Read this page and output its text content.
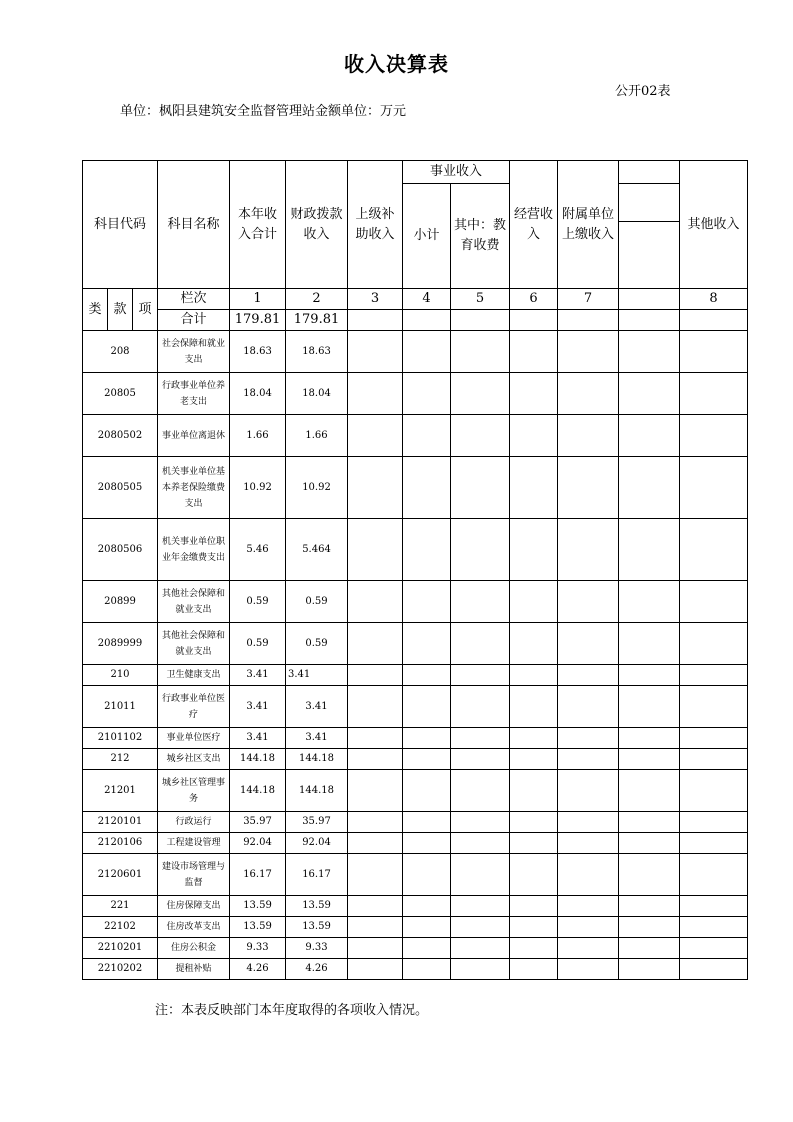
收入决算表
公开02表
单位：枫阳县建筑安全监督管理站金额单位：万元
科目代码			科目名称	本年收入合计	财政拨款收入	上级补助收入	事业收入		经营收入	附属单位上缴收入		其他收入
							小计	其中：教育收费				

类	款	项	栏次	1	2	3	4	5	6	7		8
			合计	179.81	179.81							
208			社会保障和就业支出	18.63	18.63							
20805			行政事业单位养老支出	18.04	18.04							
2080502			事业单位离退休	1.66	1.66							
2080505			机关事业单位基本养老保险缴费支出	10.92	10.92							
2080506			机关事业单位职业年金缴费支出	5.46	5.464							
20899			其他社会保障和就业支出	0.59	0.59							
2089999			其他社会保障和就业支出	0.59	0.59							
210			卫生健康支出	3.41	3.41							
21011			行政事业单位医疗	3.41	3.41							
2101102			事业单位医疗	3.41	3.41							
212			城乡社区支出	144.18	144.18							
21201			城乡社区管理事务	144.18	144.18							
2120101			行政运行	35.97	35.97							
2120106			工程建设管理	92.04	92.04							
2120601			建设市场管理与监督	16.17	16.17							
221			住房保障支出	13.59	13.59							
22102			住房改革支出	13.59	13.59							
2210201			住房公积金	9.33	9.33							
2210202			提租补贴	4.26	4.26							
注：本表反映部门本年度取得的各项收入情况。
